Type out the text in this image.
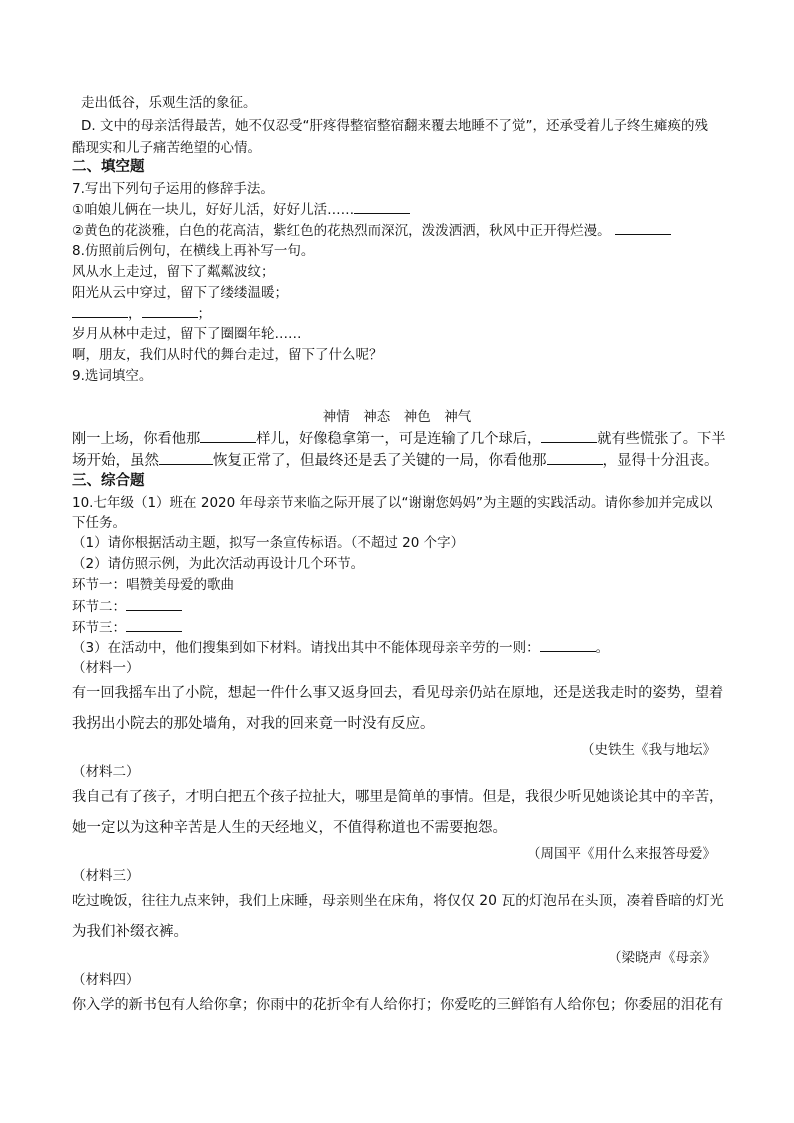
走出低谷，乐观生活的象征。
D. 文中的母亲活得最苦，她不仅忍受“肝疼得整宿整宿翻来覆去地睡不了觉”，还承受着儿子终生瘫痪的残
酷现实和儿子痛苦绝望的心情。
二、填空题
7.写出下列句子运用的修辞手法。
①咱娘儿俩在一块儿，好好儿活，好好儿活……
②黄色的花淡雅，白色的花高洁，紫红色的花热烈而深沉，泼泼洒洒，秋风中正开得烂漫。
8.仿照前后例句，在横线上再补写一句。
风从水上走过，留下了粼粼波纹；
阳光从云中穿过，留下了缕缕温暖；
，	；
岁月从林中走过，留下了圈圈年轮……
啊，朋友，我们从时代的舞台走过，留下了什么呢？
9.选词填空。
神情　神态　神色　神气
刚一上场，你看他那	样儿，好像稳拿第一，可是连输了几个球后，	就有些慌张了。下半
场开始，虽然	恢复正常了，但最终还是丢了关键的一局，你看他那	，显得十分沮丧。
三、综合题
10.七年级（1）班在 2020 年母亲节来临之际开展了以“谢谢您妈妈”为主题的实践活动。请你参加并完成以
下任务。
（1）请你根据活动主题，拟写一条宣传标语。（不超过 20 个字）
（2）请仿照示例，为此次活动再设计几个环节。
环节一：唱赞美母爱的歌曲
环节二：
环节三：
（3）在活动中，他们搜集到如下材料。请找出其中不能体现母亲辛劳的一则：	。
（材料一）
有一回我摇车出了小院，想起一件什么事又返身回去，看见母亲仍站在原地，还是送我走时的姿势，望着
我拐出小院去的那处墙角，对我的回来竟一时没有反应。
（史铁生《我与地坛》
（材料二）
我自己有了孩子，才明白把五个孩子拉扯大，哪里是简单的事情。但是，我很少听见她谈论其中的辛苦，
她一定以为这种辛苦是人生的天经地义，不值得称道也不需要抱怨。
（周国平《用什么来报答母爱》
（材料三）
吃过晚饭，往往九点来钟，我们上床睡，母亲则坐在床角，将仅仅 20 瓦的灯泡吊在头顶，凑着昏暗的灯光
为我们补缀衣裤。
（梁晓声《母亲》
（材料四）
你入学的新书包有人给你拿；你雨中的花折伞有人给你打；你爱吃的三鲜馅有人给你包；你委屈的泪花有
